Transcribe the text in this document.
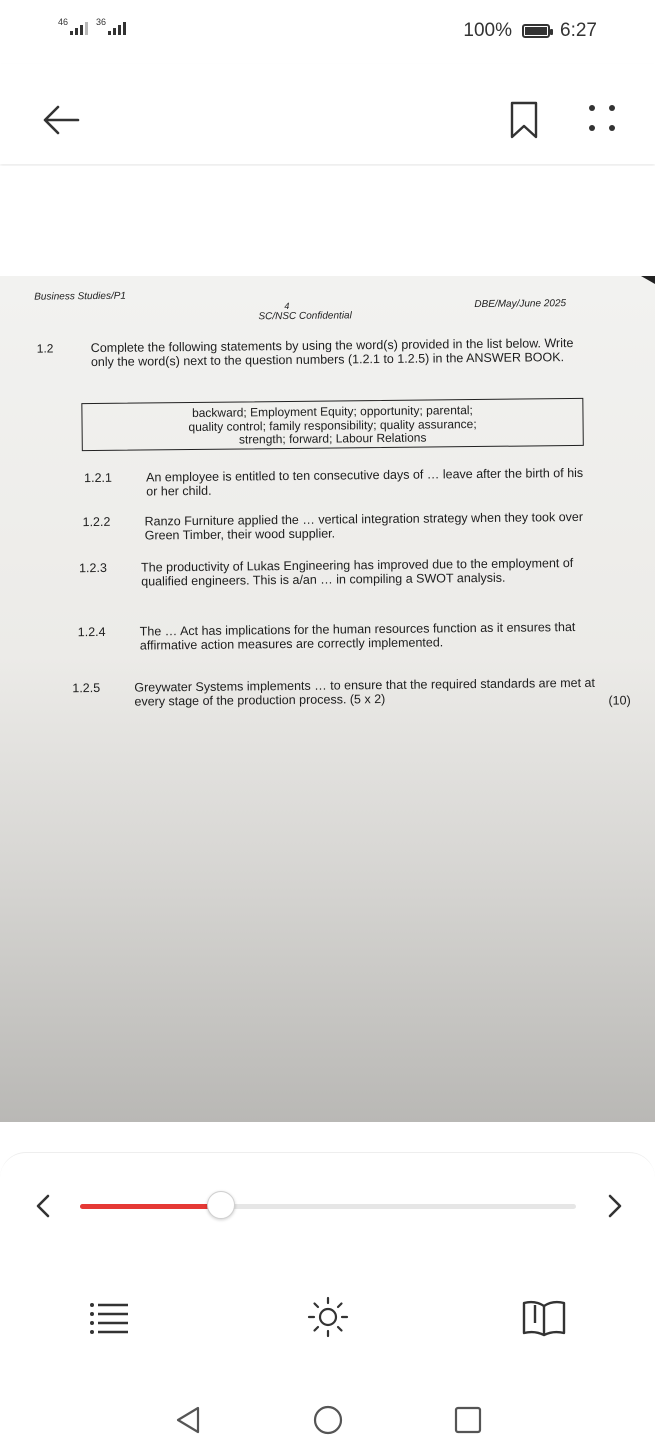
46	36	100%	6:27
Business Studies/P1
4
SC/NSC Confidential
DBE/May/June 2025
1.2	Complete the following statements by using the word(s) provided in the list below. Write only the word(s) next to the question numbers (1.2.1 to 1.2.5) in the ANSWER BOOK.
backward; Employment Equity; opportunity; parental;
quality control; family responsibility; quality assurance;
strength; forward; Labour Relations
1.2.1	An employee is entitled to ten consecutive days of … leave after the birth of his or her child.
1.2.2	Ranzo Furniture applied the … vertical integration strategy when they took over Green Timber, their wood supplier.
1.2.3	The productivity of Lukas Engineering has improved due to the employment of qualified engineers. This is a/an … in compiling a SWOT analysis.
1.2.4	The … Act has implications for the human resources function as it ensures that affirmative action measures are correctly implemented.
1.2.5	Greywater Systems implements … to ensure that the required standards are met at every stage of the production process. (5 x 2)	(10)
